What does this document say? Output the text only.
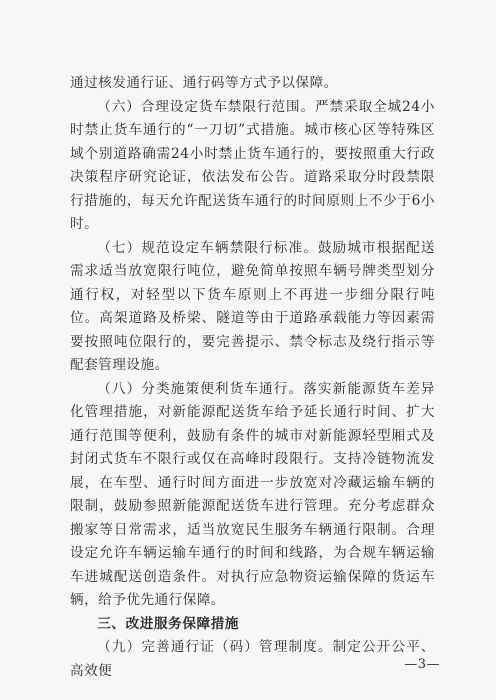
通过核发通行证、通行码等方式予以保障。

（六）合理设定货车禁限行范围。严禁采取全城24小时禁止货车通行的“一刀切”式措施。城市核心区等特殊区域个别道路确需24小时禁止货车通行的，要按照重大行政决策程序研究论证，依法发布公告。道路采取分时段禁限行措施的，每天允许配送货车通行的时间原则上不少于6小时。

（七）规范设定车辆禁限行标准。鼓励城市根据配送需求适当放宽限行吨位，避免简单按照车辆号牌类型划分通行权，对轻型以下货车原则上不再进一步细分限行吨位。高架道路及桥梁、隧道等由于道路承载能力等因素需要按照吨位限行的，要完善提示、禁令标志及绕行指示等配套管理设施。

（八）分类施策便利货车通行。落实新能源货车差异化管理措施，对新能源配送货车给予延长通行时间、扩大通行范围等便利，鼓励有条件的城市对新能源轻型厢式及封闭式货车不限行或仅在高峰时段限行。支持冷链物流发展，在车型、通行时间方面进一步放宽对冷藏运输车辆的限制，鼓励参照新能源配送货车进行管理。充分考虑群众搬家等日常需求，适当放宽民生服务车辆通行限制。合理设定允许车辆运输车通行的时间和线路，为合规车辆运输车进城配送创造条件。对执行应急物资运输保障的货运车辆，给予优先通行保障。

三、改进服务保障措施

（九）完善通行证（码）管理制度。制定公开公平、高效便	—3—
